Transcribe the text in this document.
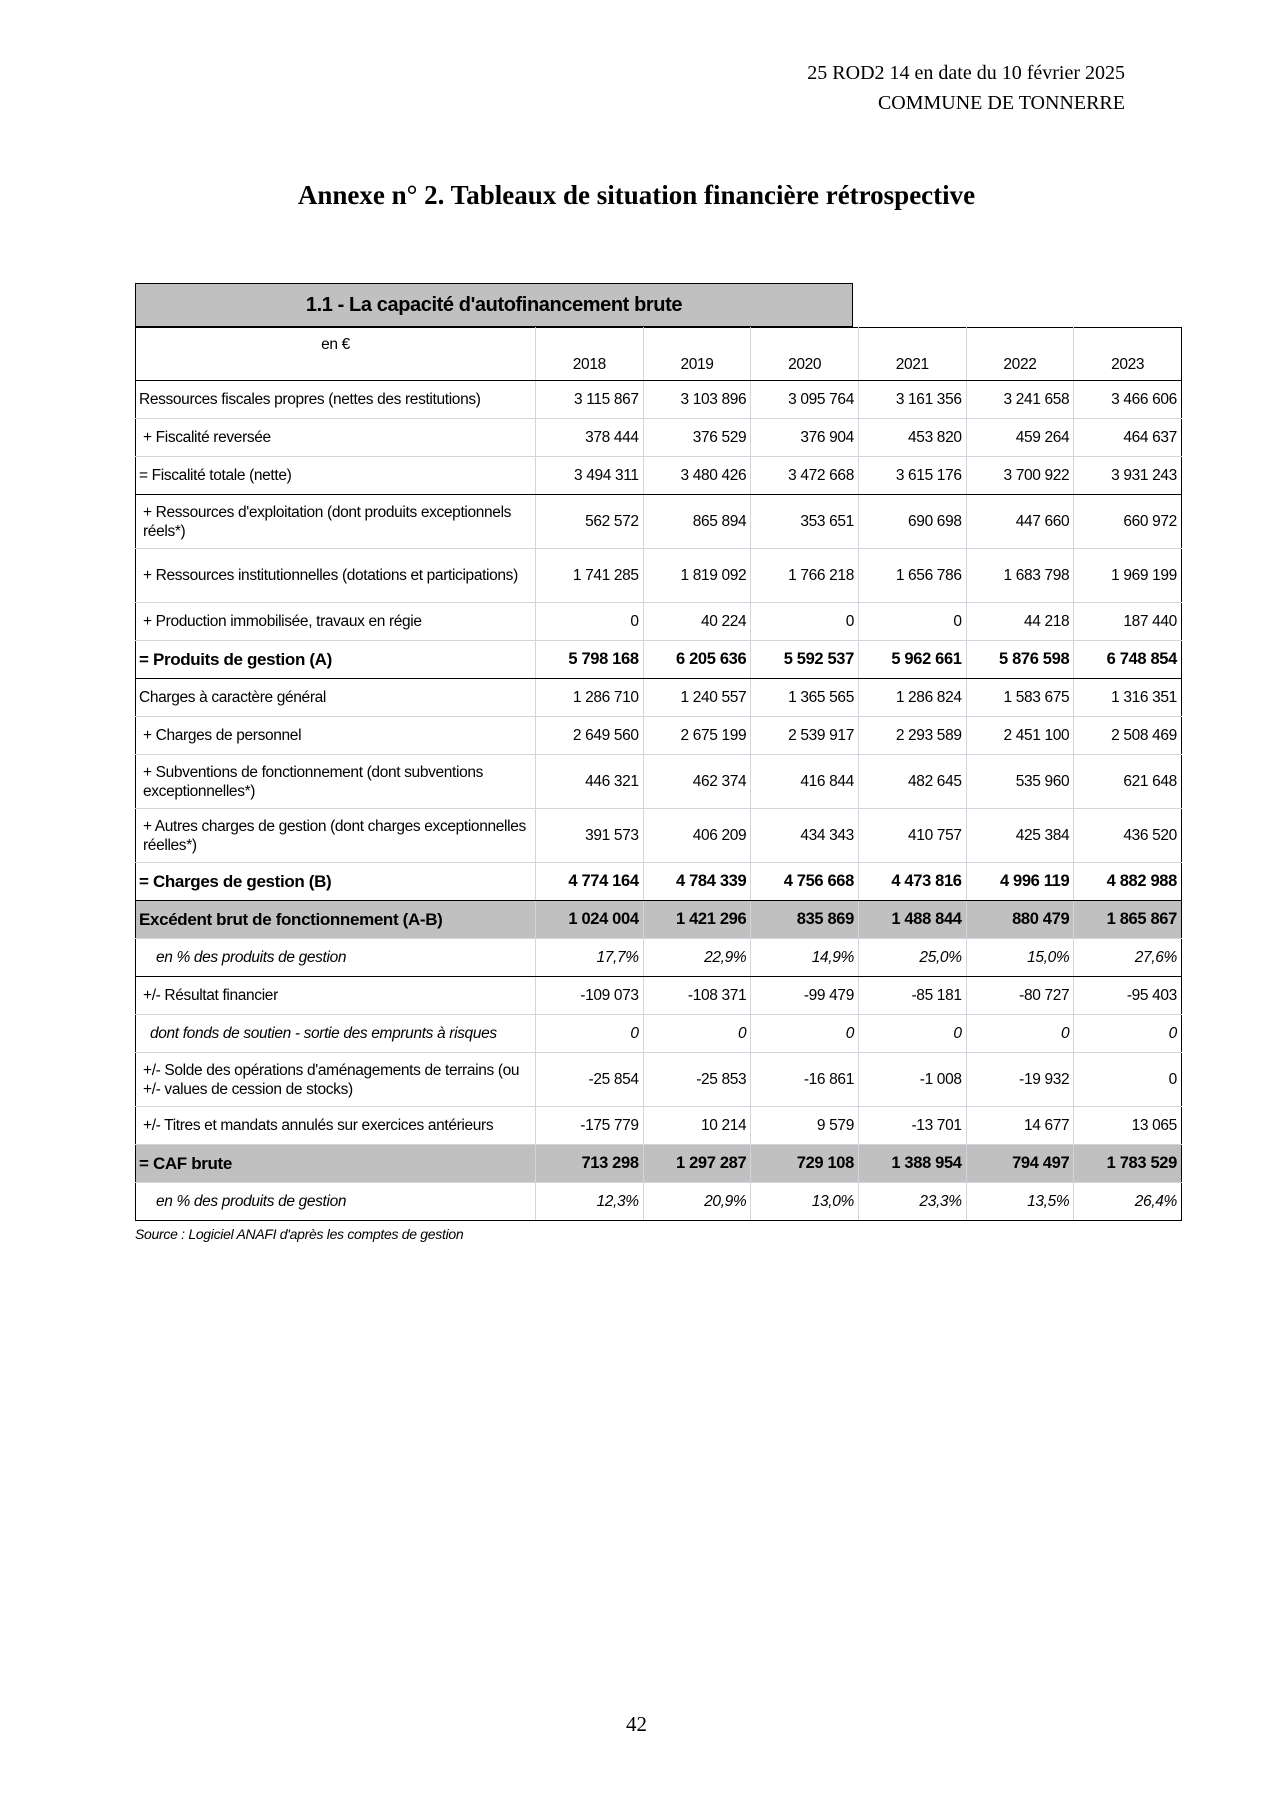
25 ROD2 14 en date du 10 février 2025
COMMUNE DE TONNERRE
Annexe n° 2. Tableaux de situation financière rétrospective
1.1 - La capacité d'autofinancement brute
en €	2018	2019	2020	2021	2022	2023
Ressources fiscales propres (nettes des restitutions)	3 115 867	3 103 896	3 095 764	3 161 356	3 241 658	3 466 606
+ Fiscalité reversée	378 444	376 529	376 904	453 820	459 264	464 637
= Fiscalité totale (nette)	3 494 311	3 480 426	3 472 668	3 615 176	3 700 922	3 931 243
+ Ressources d'exploitation (dont produits exceptionnels réels*)	562 572	865 894	353 651	690 698	447 660	660 972
+ Ressources institutionnelles (dotations et participations)	1 741 285	1 819 092	1 766 218	1 656 786	1 683 798	1 969 199
+ Production immobilisée, travaux en régie	0	40 224	0	0	44 218	187 440
= Produits de gestion (A)	5 798 168	6 205 636	5 592 537	5 962 661	5 876 598	6 748 854
Charges à caractère général	1 286 710	1 240 557	1 365 565	1 286 824	1 583 675	1 316 351
+ Charges de personnel	2 649 560	2 675 199	2 539 917	2 293 589	2 451 100	2 508 469
+ Subventions de fonctionnement (dont subventions exceptionnelles*)	446 321	462 374	416 844	482 645	535 960	621 648
+ Autres charges de gestion (dont charges exceptionnelles réelles*)	391 573	406 209	434 343	410 757	425 384	436 520
= Charges de gestion (B)	4 774 164	4 784 339	4 756 668	4 473 816	4 996 119	4 882 988
Excédent brut de fonctionnement (A-B)	1 024 004	1 421 296	835 869	1 488 844	880 479	1 865 867
en % des produits de gestion	17,7%	22,9%	14,9%	25,0%	15,0%	27,6%
+/- Résultat financier	-109 073	-108 371	-99 479	-85 181	-80 727	-95 403
dont fonds de soutien - sortie des emprunts à risques	0	0	0	0	0	0
+/- Solde des opérations d'aménagements de terrains (ou +/- values de cession de stocks)	-25 854	-25 853	-16 861	-1 008	-19 932	0
+/- Titres et mandats annulés sur exercices antérieurs	-175 779	10 214	9 579	-13 701	14 677	13 065
= CAF brute	713 298	1 297 287	729 108	1 388 954	794 497	1 783 529
en % des produits de gestion	12,3%	20,9%	13,0%	23,3%	13,5%	26,4%
Source : Logiciel ANAFI d'après les comptes de gestion
42
